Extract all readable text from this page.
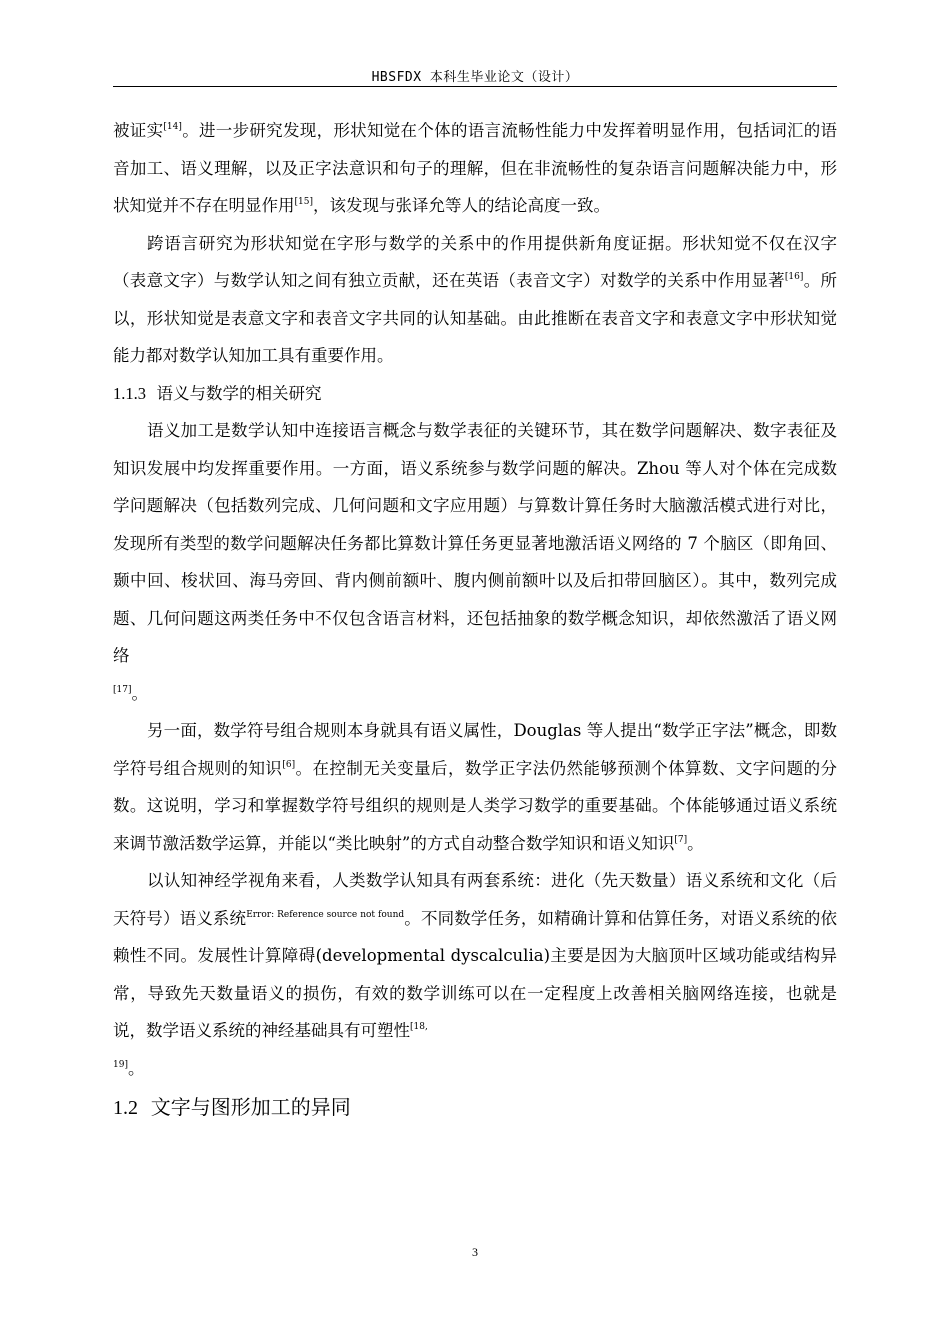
HBSFDX 本科生毕业论文（设计）

被证实[14]。进一步研究发现，形状知觉在个体的语言流畅性能力中发挥着明显作用，包括词汇的语音加工、语义理解，以及正字法意识和句子的理解，但在非流畅性的复杂语言问题解决能力中，形状知觉并不存在明显作用[15]，该发现与张译允等人的结论高度一致。

跨语言研究为形状知觉在字形与数学的关系中的作用提供新角度证据。形状知觉不仅在汉字（表意文字）与数学认知之间有独立贡献，还在英语（表音文字）对数学的关系中作用显著[16]。所以，形状知觉是表意文字和表音文字共同的认知基础。由此推断在表音文字和表意文字中形状知觉能力都对数学认知加工具有重要作用。

1.1.3 语义与数学的相关研究

语义加工是数学认知中连接语言概念与数学表征的关键环节，其在数学问题解决、数字表征及知识发展中均发挥重要作用。一方面，语义系统参与数学问题的解决。Zhou 等人对个体在完成数学问题解决（包括数列完成、几何问题和文字应用题）与算数计算任务时大脑激活模式进行对比，发现所有类型的数学问题解决任务都比算数计算任务更显著地激活语义网络的 7 个脑区（即角回、颞中回、梭状回、海马旁回、背内侧前额叶、腹内侧前额叶以及后扣带回脑区）。其中，数列完成题、几何问题这两类任务中不仅包含语言材料，还包括抽象的数学概念知识，却依然激活了语义网络
[17]。

另一面，数学符号组合规则本身就具有语义属性，Douglas 等人提出“数学正字法”概念，即数学符号组合规则的知识[6]。在控制无关变量后，数学正字法仍然能够预测个体算数、文字问题的分数。这说明，学习和掌握数学符号组织的规则是人类学习数学的重要基础。个体能够通过语义系统来调节激活数学运算，并能以“类比映射”的方式自动整合数学知识和语义知识[7]。

以认知神经学视角来看，人类数学认知具有两套系统：进化（先天数量）语义系统和文化（后天符号）语义系统$^{Error: Reference source not found}$。不同数学任务，如精确计算和估算任务，对语义系统的依赖性不同。发展性计算障碍(developmental dyscalculia)主要是因为大脑顶叶区域功能或结构异常，导致先天数量语义的损伤，有效的数学训练可以在一定程度上改善相关脑网络连接，也就是说，数学语义系统的神经基础具有可塑性$^{[18,}$
$^{19]}$。

1.2 文字与图形加工的异同

3
